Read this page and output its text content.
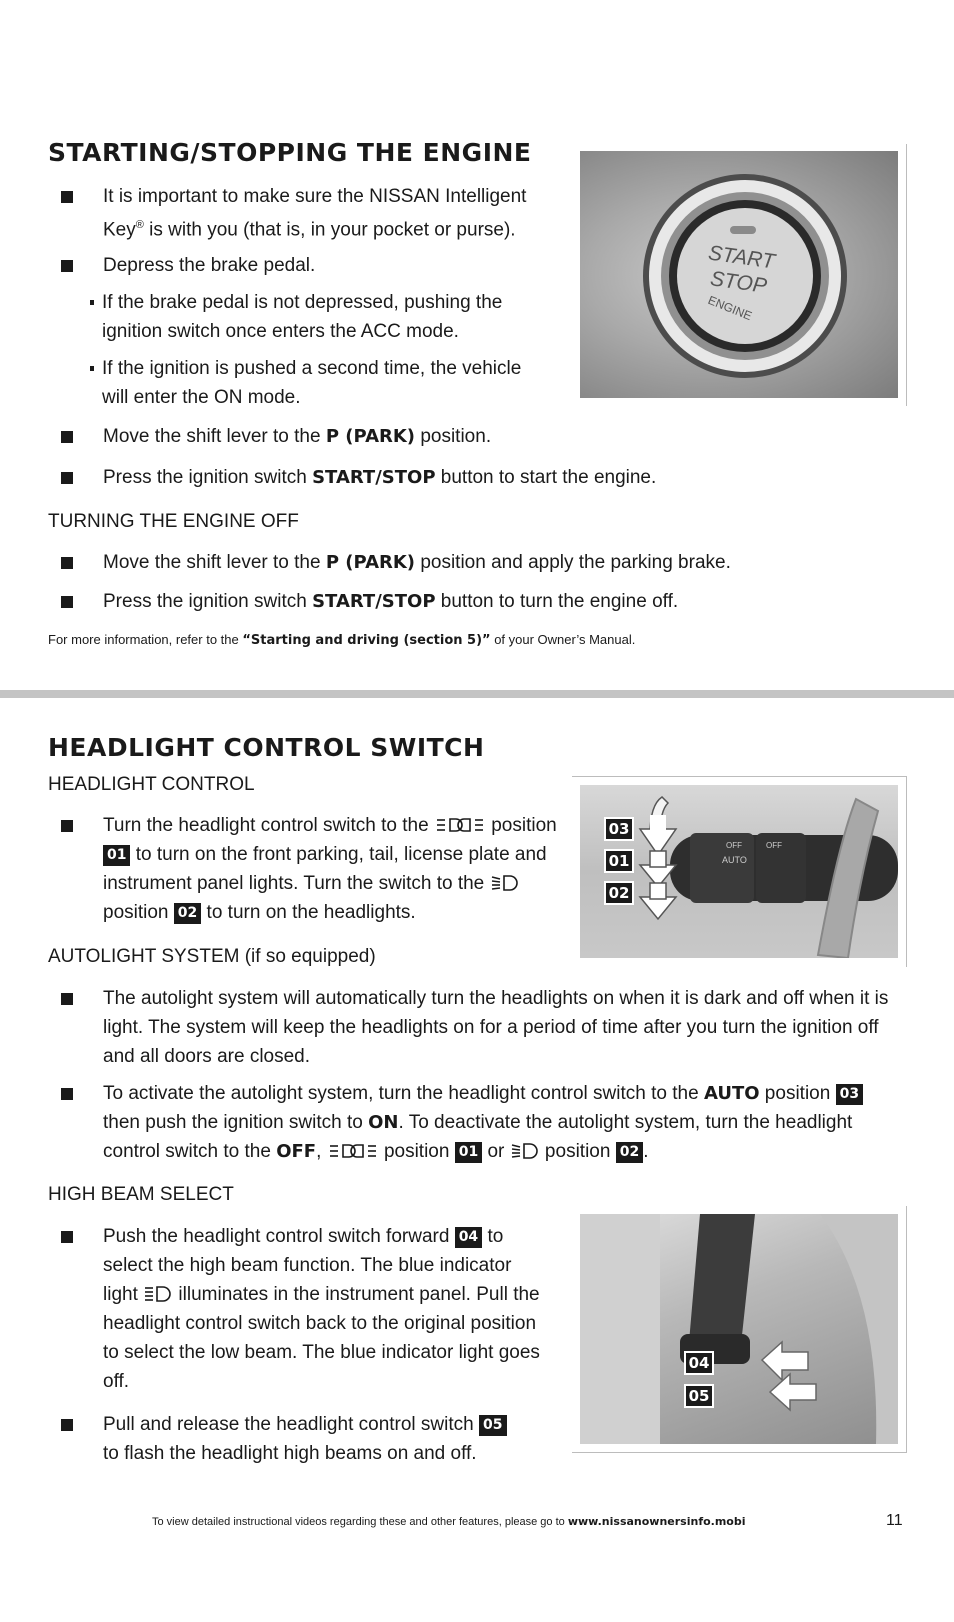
STARTING/STOPPING THE ENGINE
It is important to make sure the NISSAN Intelligent Key® is with you (that is, in your pocket or purse).
Depress the brake pedal.
If the brake pedal is not depressed, pushing the ignition switch once enters the ACC mode.
If the ignition is pushed a second time, the vehicle will enter the ON mode.
Move the shift lever to the P (PARK) position.
Press the ignition switch START/STOP button to start the engine.
TURNING THE ENGINE OFF
Move the shift lever to the P (PARK) position and apply the parking brake.
Press the ignition switch START/STOP button to turn the engine off.
For more information, refer to the “Starting and driving (section 5)” of your Owner’s Manual.
START
STOP
ENGINE
HEADLIGHT CONTROL SWITCH
HEADLIGHT CONTROL
Turn the headlight control switch to the	position
01 to turn on the front parking, tail, license plate and instrument panel lights. Turn the switch to the
position 02 to turn on the headlights.
AUTOLIGHT SYSTEM (if so equipped)
The autolight system will automatically turn the headlights on when it is dark and off when it is light. The system will keep the headlights on for a period of time after you turn the ignition off and all doors are closed.
To activate the autolight system, turn the headlight control switch to the AUTO position 03
then push the ignition switch to ON. To deactivate the autolight system, turn the headlight control switch to the OFF,	position 01 or  position 02 .
HIGH BEAM SELECT
Push the headlight control switch forward 04 to select the high beam function. The blue indicator light  illuminates in the instrument panel. Pull the headlight control switch back to the original position to select the low beam. The blue indicator light goes off.
Pull and release the headlight control switch 05
to flash the headlight high beams on and off.
03
01
02
OFF
AUTO
OFF
04
05
To view detailed instructional videos regarding these and other features, please go to www.nissanownersinfo.mobi	11
